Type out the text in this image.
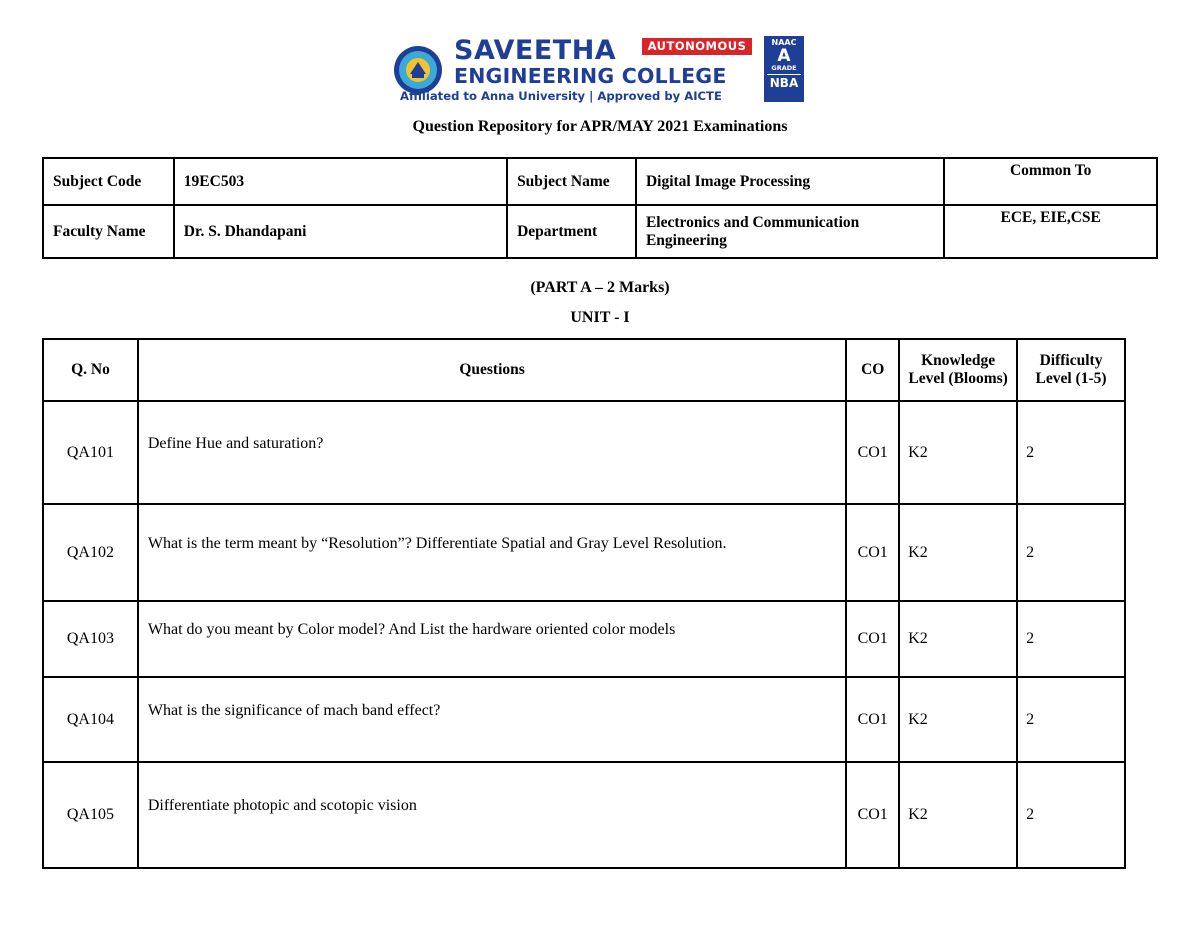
SAVEETHA
ENGINEERING COLLEGE
Affiliated to Anna University | Approved by AICTE
AUTONOMOUS	NAAC
A
GRADE
NBA
Question Repository for APR/MAY 2021 Examinations
Subject Code	19EC503	Subject Name	Digital Image Processing	Common To
Faculty Name	Dr. S. Dhandapani	Department	Electronics and Communication Engineering	ECE, EIE,CSE
(PART A – 2 Marks)
UNIT - I
Q. No	Questions	CO	Knowledge Level (Blooms)	Difficulty Level (1-5)
QA101	Define Hue and saturation?	CO1	K2	2
QA102	What is the term meant by “Resolution”? Differentiate Spatial and Gray Level Resolution.	CO1	K2	2
QA103	What do you meant by Color model? And List the hardware oriented color models	CO1	K2	2
QA104	What is the significance of mach band effect?	CO1	K2	2
QA105	Differentiate photopic and scotopic vision	CO1	K2	2
